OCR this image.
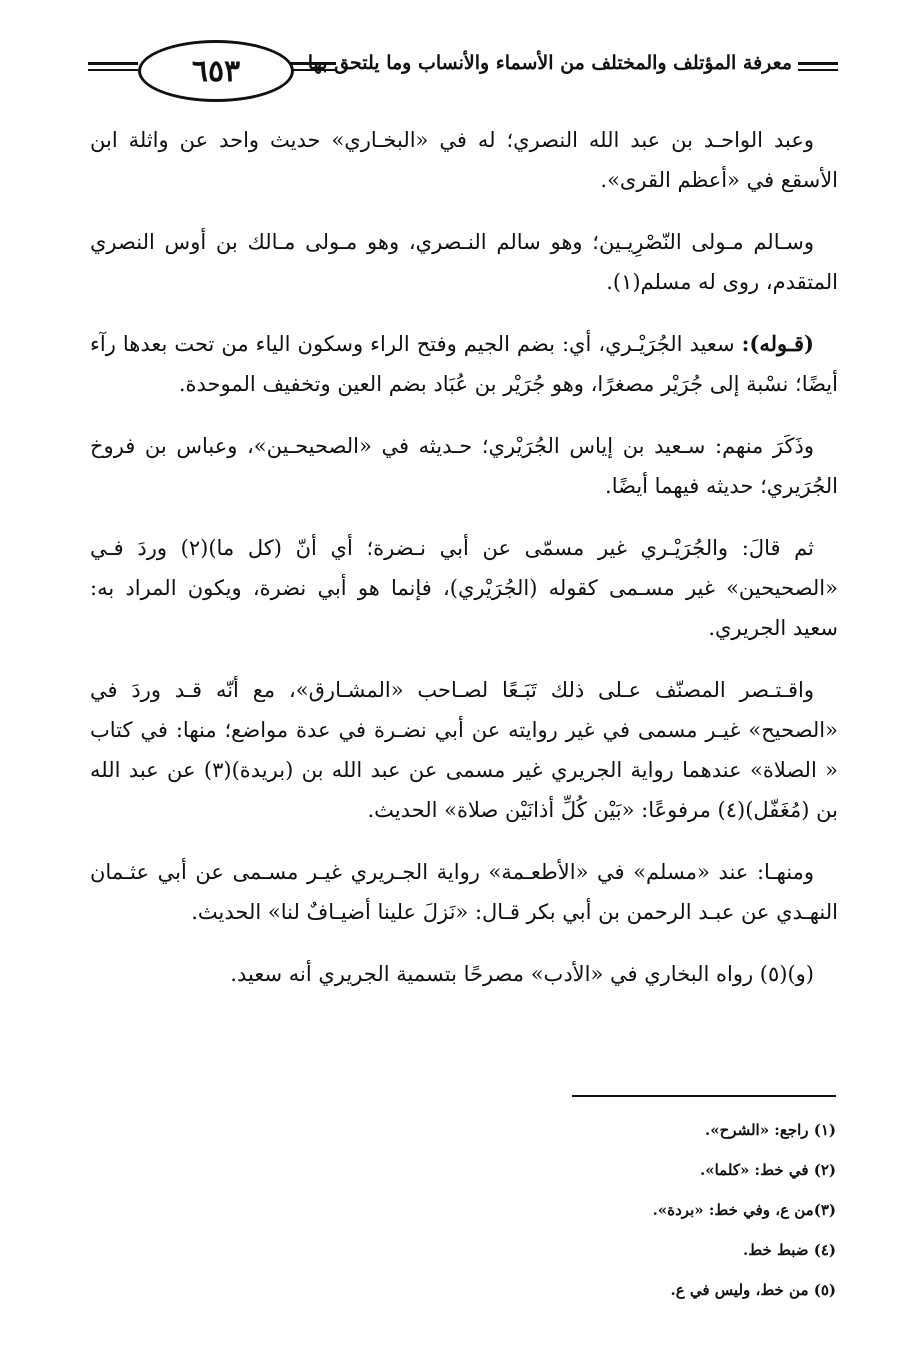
٦٥٣	معرفة المؤتلف والمختلف من الأسماء والأنساب وما يلتحق بها

وعبد الواحـد بن عبد الله النصري؛ له في «البخـاري» حديث واحد عن واثلة ابن الأسقع في «أعظم القرى».

وسـالم مـولى النّصْرِيـين؛ وهو سالم النـصري، وهو مـولى مـالك بن أوس النصري المتقدم، روى له مسلم(١).

(قـوله): سعيد الجُرَيْـري، أي: بضم الجيم وفتح الراء وسكون الياء من تحت بعدها رآء أيضًا؛ نسْبة إلى جُرَيْر مصغرًا، وهو جُرَيْر بن عُبَاد بضم العين وتخفيف الموحدة.

وذَكَرَ منهم: سـعيد بن إياس الجُرَيْري؛ حـديثه في «الصحيحـين»، وعباس بن فروخ الجُرَيري؛ حديثه فيهما أيضًا.

ثم قالَ: والجُرَيْـري غير مسمّى عن أبي نـضرة؛ أي أنّ (كل ما)(٢) وردَ فـي «الصحيحين» غير مسـمى كقوله (الجُرَيْري)، فإنما هو أبي نضرة، ويكون المراد به: سعيد الجريري.

واقـتـصر المصنّف عـلى ذلك تَبَـعًا لصـاحب «المشـارق»، مع أنّه قـد وردَ في «الصحيح» غيـر مسمى في غير روايته عن أبي نضـرة في عدة مواضع؛ منها: في كتاب « الصلاة» عندهما رواية الجريري غير مسمى عن عبد الله بن (بريدة)(٣) عن عبد الله بن (مُغَفّل)(٤) مرفوعًا: «بَيْن كُلِّ أذانَيْن صلاة» الحديث.

ومنهـا: عند «مسلم» في «الأطعـمة» رواية الجـريري غيـر مسـمى عن أبي عثـمان النهـدي عن عبـد الرحمن بن أبي بكر قـال: «نَزلَ علينا أضيـافٌ لنا» الحديث.

(و)(٥) رواه البخاري في «الأدب» مصرحًا بتسمية الجريري أنه سعيد.

(١) راجع: «الشرح».
(٢) في خط: «كلما».
(٣)من ع، وفي خط: «بردة».
(٤) ضبط خط.
(٥) من خط، وليس في ع.
